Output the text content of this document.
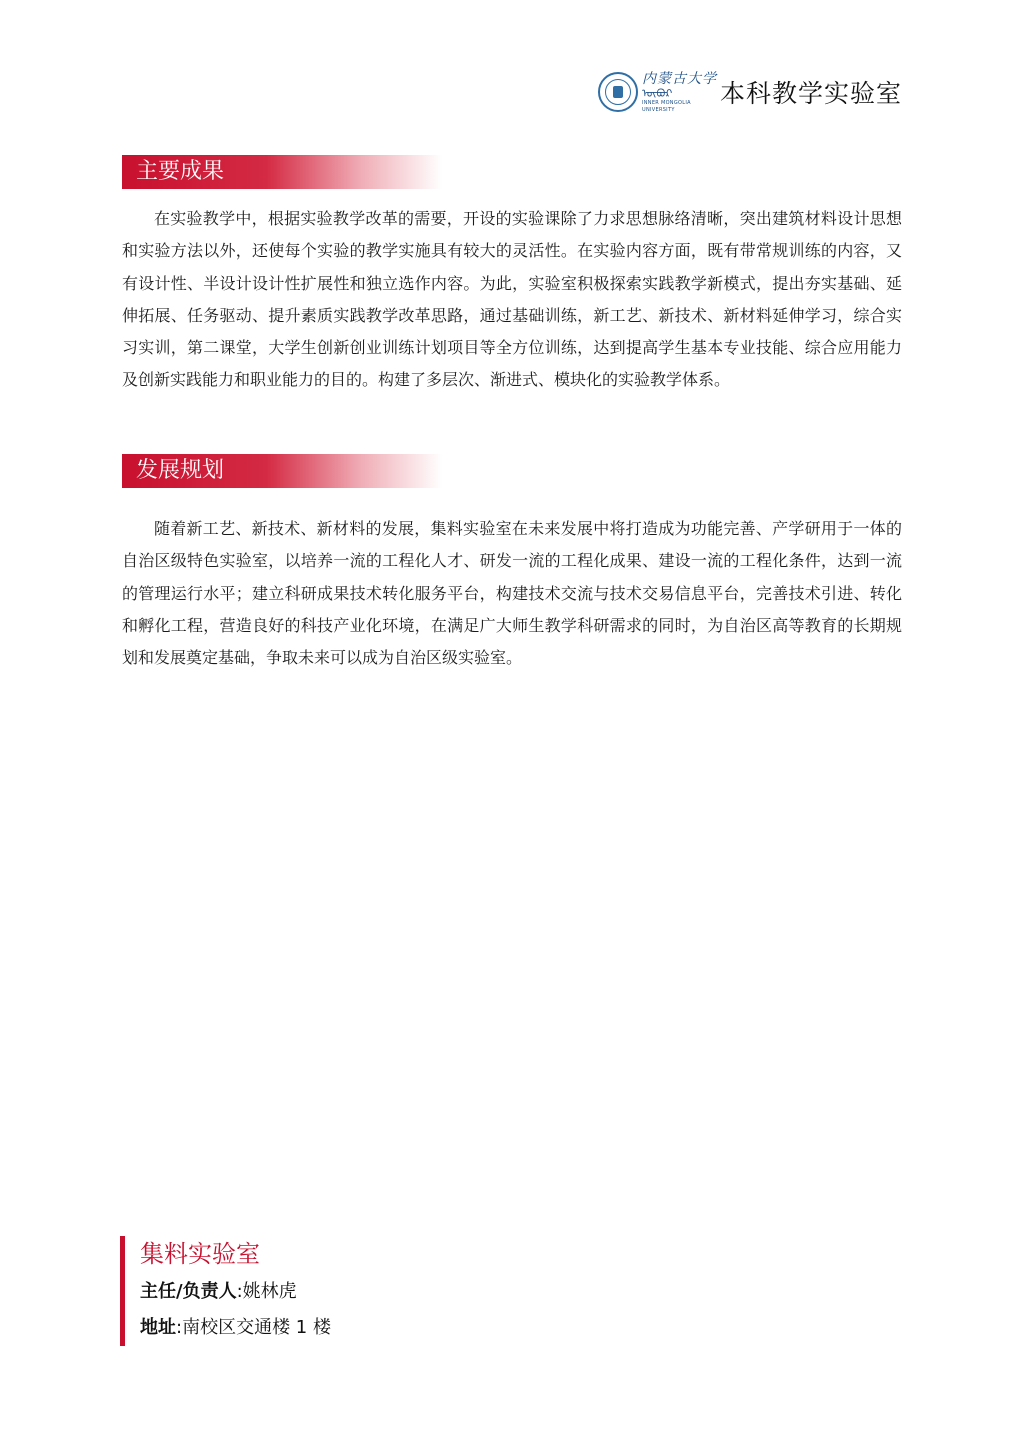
内蒙古大学
ᠦᠪᠦᠷ
INNER MONGOLIA UNIVERSITY
本科教学实验室
主要成果

在实验教学中，根据实验教学改革的需要，开设的实验课除了力求思想脉络清晰，突出建筑材料设计思想和实验方法以外，还使每个实验的教学实施具有较大的灵活性。在实验内容方面，既有带常规训练的内容，又有设计性、半设计设计性扩展性和独立选作内容。为此，实验室积极探索实践教学新模式，提出夯实基础、延伸拓展、任务驱动、提升素质实践教学改革思路，通过基础训练，新工艺、新技术、新材料延伸学习，综合实习实训，第二课堂，大学生创新创业训练计划项目等全方位训练，达到提高学生基本专业技能、综合应用能力及创新实践能力和职业能力的目的。构建了多层次、渐进式、模块化的实验教学体系。

发展规划

随着新工艺、新技术、新材料的发展，集料实验室在未来发展中将打造成为功能完善、产学研用于一体的自治区级特色实验室，以培养一流的工程化人才、研发一流的工程化成果、建设一流的工程化条件，达到一流的管理运行水平；建立科研成果技术转化服务平台，构建技术交流与技术交易信息平台，完善技术引进、转化和孵化工程，营造良好的科技产业化环境，在满足广大师生教学科研需求的同时，为自治区高等教育的长期规划和发展奠定基础，争取未来可以成为自治区级实验室。

集料实验室
主任/负责人:姚林虎
地址:南校区交通楼 1 楼
